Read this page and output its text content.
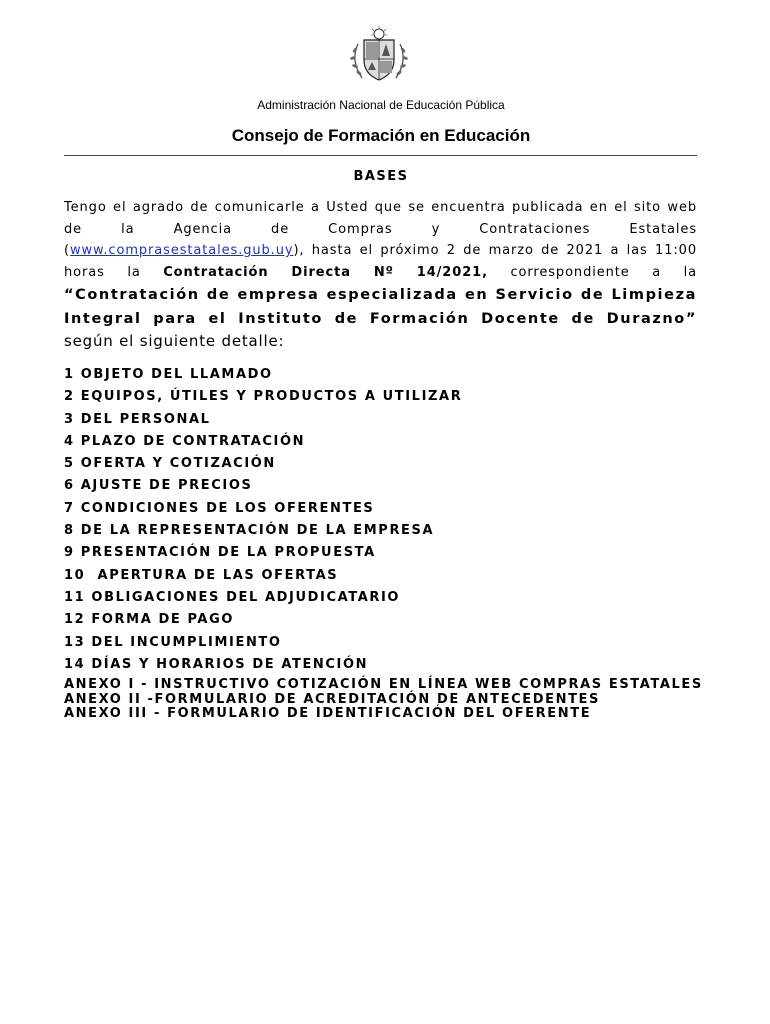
Administración Nacional de Educación Pública
Consejo de Formación en Educación
BASES
Tengo el agrado de comunicarle a Usted que se encuentra publicada en el sito web de la Agencia de Compras y Contrataciones Estatales (www.comprasestatales.gub.uy), hasta el próximo 2 de marzo de 2021 a las 11:00 horas la Contratación Directa Nº 14/2021, correspondiente a la “Contratación de empresa especializada en Servicio de Limpieza Integral para el Instituto de Formación Docente de Durazno” según el siguiente detalle:
1 OBJETO DEL LLAMADO
2 EQUIPOS, ÚTILES Y PRODUCTOS A UTILIZAR
3 DEL PERSONAL
4 PLAZO DE CONTRATACIÓN
5 OFERTA Y COTIZACIÓN
6 AJUSTE DE PRECIOS
7 CONDICIONES DE LOS OFERENTES
8 DE LA REPRESENTACIÓN DE LA EMPRESA
9 PRESENTACIÓN DE LA PROPUESTA
10  APERTURA DE LAS OFERTAS
11 OBLIGACIONES DEL ADJUDICATARIO
12 FORMA DE PAGO
13 DEL INCUMPLIMIENTO
14 DÍAS Y HORARIOS DE ATENCIÓN
ANEXO I - INSTRUCTIVO COTIZACIÓN EN LÍNEA WEB COMPRAS ESTATALES
ANEXO II -FORMULARIO DE ACREDITACIÓN DE ANTECEDENTES
ANEXO III - FORMULARIO DE IDENTIFICACIÓN DEL OFERENTE
